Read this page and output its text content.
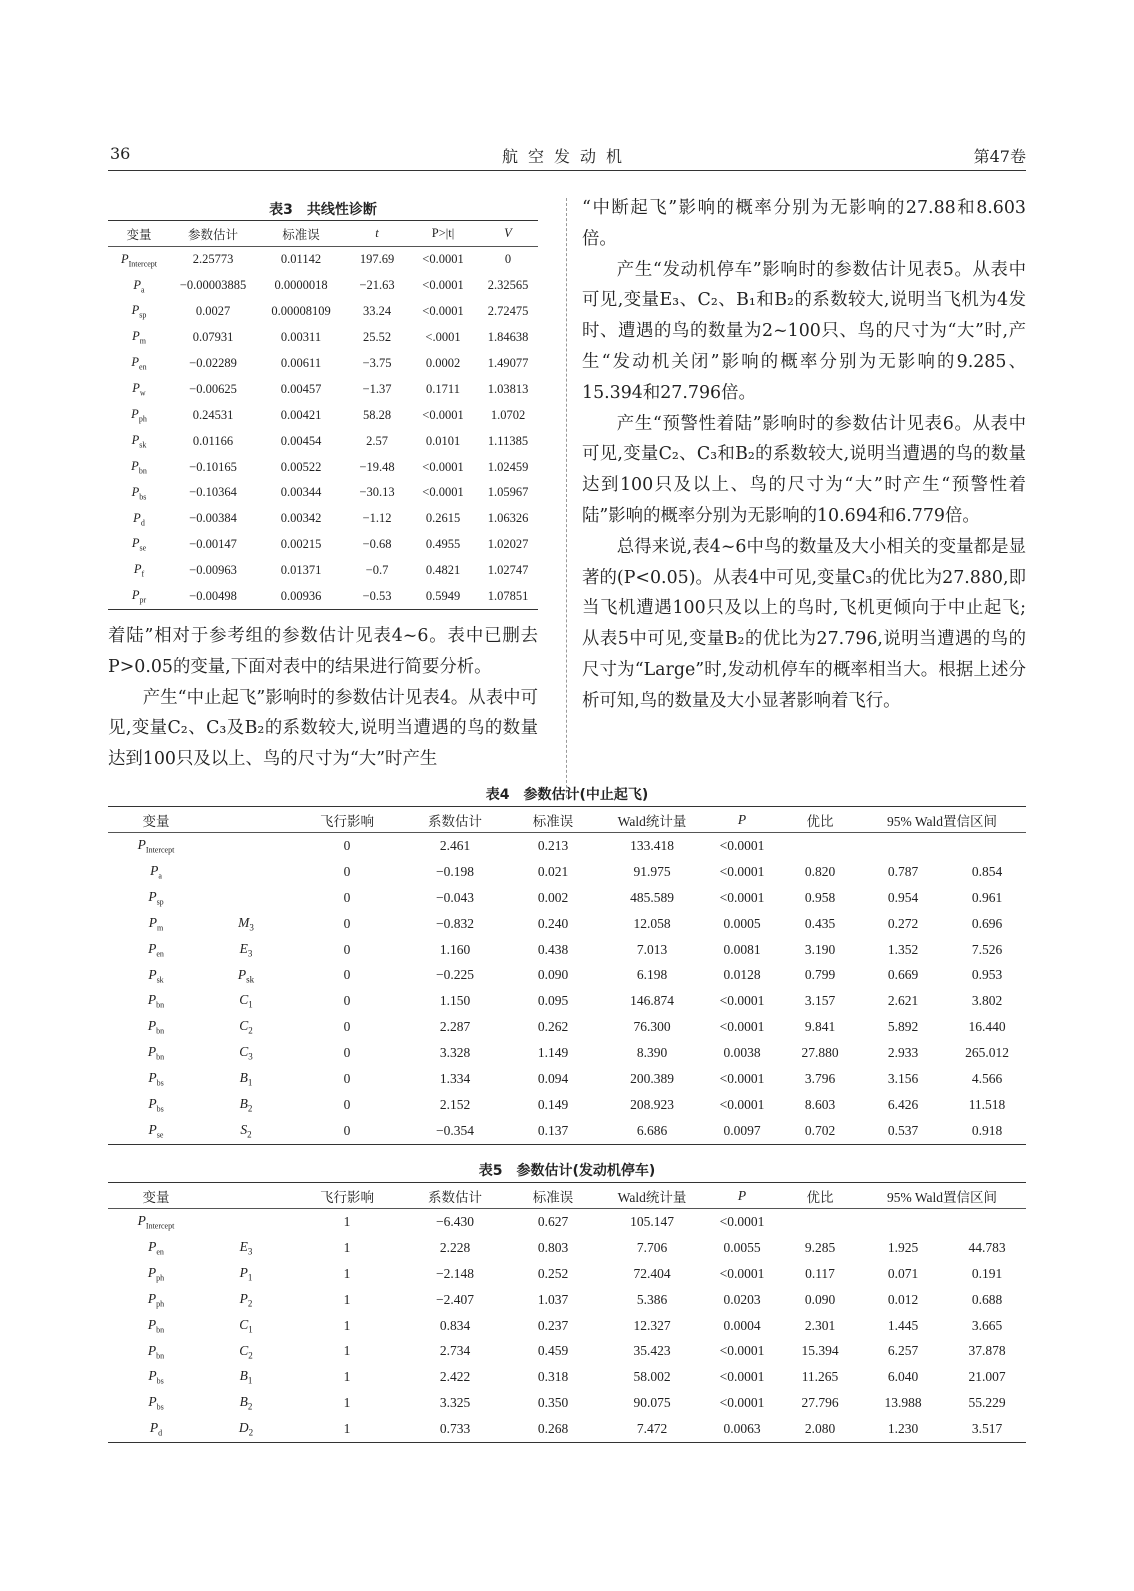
36	航空发动机	第47卷
表3　共线性诊断
变量	参数估计	标准误	t	P>|t|	V
$P_{Intercept}$	2.25773	0.01142	197.69	<0.0001	0
$P_a$	−0.00003885	0.0000018	−21.63	<0.0001	2.32565
$P_{sp}$	0.0027	0.00008109	33.24	<0.0001	2.72475
$P_m$	0.07931	0.00311	25.52	<.0001	1.84638
$P_{en}$	−0.02289	0.00611	−3.75	0.0002	1.49077
$P_w$	−0.00625	0.00457	−1.37	0.1711	1.03813
$P_{ph}$	0.24531	0.00421	58.28	<0.0001	1.0702
$P_{sk}$	0.01166	0.00454	2.57	0.0101	1.11385
$P_{bn}$	−0.10165	0.00522	−19.48	<0.0001	1.02459
$P_{bs}$	−0.10364	0.00344	−30.13	<0.0001	1.05967
$P_d$	−0.00384	0.00342	−1.12	0.2615	1.06326
$P_{se}$	−0.00147	0.00215	−0.68	0.4955	1.02027
$P_f$	−0.00963	0.01371	−0.7	0.4821	1.02747
$P_{pr}$	−0.00498	0.00936	−0.53	0.5949	1.07851

着陆”相对于参考组的参数估计见表4~6。表中已删去P>0.05的变量,下面对表中的结果进行简要分析。

产生“中止起飞”影响时的参数估计见表4。从表中可见,变量C₂、C₃及B₂的系数较大,说明当遭遇的鸟的数量达到100只及以上、鸟的尺寸为“大”时产生

“中断起飞”影响的概率分别为无影响的27.88和8.603倍。

产生“发动机停车”影响时的参数估计见表5。从表中可见,变量E₃、C₂、B₁和B₂的系数较大,说明当飞机为4发时、遭遇的鸟的数量为2~100只、鸟的尺寸为“大”时,产生“发动机关闭”影响的概率分别为无影响的9.285、15.394和27.796倍。

产生“预警性着陆”影响时的参数估计见表6。从表中可见,变量C₂、C₃和B₂的系数较大,说明当遭遇的鸟的数量达到100只及以上、鸟的尺寸为“大”时产生“预警性着陆”影响的概率分别为无影响的10.694和6.779倍。

总得来说,表4~6中鸟的数量及大小相关的变量都是显著的(P<0.05)。从表4中可见,变量C₃的优比为27.880,即当飞机遭遇100只及以上的鸟时,飞机更倾向于中止起飞;从表5中可见,变量B₂的优比为27.796,说明当遭遇的鸟的尺寸为“Large”时,发动机停车的概率相当大。根据上述分析可知,鸟的数量及大小显著影响着飞行。

表4　参数估计(中止起飞)
变量		飞行影响	系数估计	标准误	Wald统计量	P	优比	95% Wald置信区间	
$P_{Intercept}$		0	2.461	0.213	133.418	<0.0001			
$P_a$		0	−0.198	0.021	91.975	<0.0001	0.820	0.787	0.854
$P_{sp}$		0	−0.043	0.002	485.589	<0.0001	0.958	0.954	0.961
$P_m$	$M_3$	0	−0.832	0.240	12.058	0.0005	0.435	0.272	0.696
$P_{en}$	$E_3$	0	1.160	0.438	7.013	0.0081	3.190	1.352	7.526
$P_{sk}$	$P_{sk}$	0	−0.225	0.090	6.198	0.0128	0.799	0.669	0.953
$P_{bn}$	$C_1$	0	1.150	0.095	146.874	<0.0001	3.157	2.621	3.802
$P_{bn}$	$C_2$	0	2.287	0.262	76.300	<0.0001	9.841	5.892	16.440
$P_{bn}$	$C_3$	0	3.328	1.149	8.390	0.0038	27.880	2.933	265.012
$P_{bs}$	$B_1$	0	1.334	0.094	200.389	<0.0001	3.796	3.156	4.566
$P_{bs}$	$B_2$	0	2.152	0.149	208.923	<0.0001	8.603	6.426	11.518
$P_{se}$	$S_2$	0	−0.354	0.137	6.686	0.0097	0.702	0.537	0.918
表5　参数估计(发动机停车)
变量		飞行影响	系数估计	标准误	Wald统计量	P	优比	95% Wald置信区间	
$P_{Intercept}$		1	−6.430	0.627	105.147	<0.0001			
$P_{en}$	$E_3$	1	2.228	0.803	7.706	0.0055	9.285	1.925	44.783
$P_{ph}$	$P_1$	1	−2.148	0.252	72.404	<0.0001	0.117	0.071	0.191
$P_{ph}$	$P_2$	1	−2.407	1.037	5.386	0.0203	0.090	0.012	0.688
$P_{bn}$	$C_1$	1	0.834	0.237	12.327	0.0004	2.301	1.445	3.665
$P_{bn}$	$C_2$	1	2.734	0.459	35.423	<0.0001	15.394	6.257	37.878
$P_{bs}$	$B_1$	1	2.422	0.318	58.002	<0.0001	11.265	6.040	21.007
$P_{bs}$	$B_2$	1	3.325	0.350	90.075	<0.0001	27.796	13.988	55.229
$P_d$	$D_2$	1	0.733	0.268	7.472	0.0063	2.080	1.230	3.517
